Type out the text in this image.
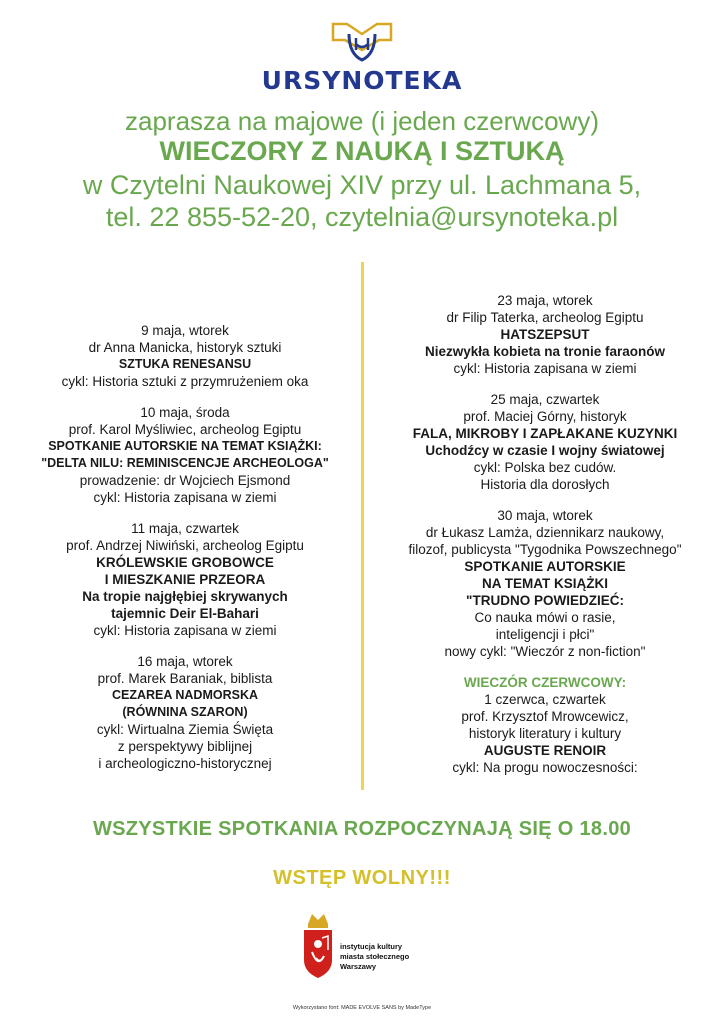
URSYNOTEKA
zaprasza na majowe (i jeden czerwcowy)
WIECZORY Z NAUKĄ I SZTUKĄ
w Czytelni Naukowej XIV przy ul. Lachmana 5,
tel. 22 855-52-20, czytelnia@ursynoteka.pl
9 maja, wtorek
dr Anna Manicka, historyk sztuki
SZTUKA RENESANSU
cykl: Historia sztuki z przymrużeniem oka
10 maja, środa
prof. Karol Myśliwiec, archeolog Egiptu
SPOTKANIE AUTORSKIE NA TEMAT KSIĄŻKI:
"DELTA NILU: REMINISCENCJE ARCHEOLOGA"
prowadzenie: dr Wojciech Ejsmond
cykl: Historia zapisana w ziemi
11 maja, czwartek
prof. Andrzej Niwiński, archeolog Egiptu
KRÓLEWSKIE GROBOWCE
I MIESZKANIE PRZEORA
Na tropie najgłębiej skrywanych
tajemnic Deir El-Bahari
cykl: Historia zapisana w ziemi
16 maja, wtorek
prof. Marek Baraniak, biblista
CEZAREA NADMORSKA
(RÓWNINA SZARON)
cykl: Wirtualna Ziemia Święta
z perspektywy biblijnej
i archeologiczno-historycznej
23 maja, wtorek
dr Filip Taterka, archeolog Egiptu
HATSZEPSUT
Niezwykła kobieta na tronie faraonów
cykl: Historia zapisana w ziemi
25 maja, czwartek
prof. Maciej Górny, historyk
FALA, MIKROBY I ZAPŁAKANE KUZYNKI
Uchodźcy w czasie I wojny światowej
cykl: Polska bez cudów.
Historia dla dorosłych
30 maja, wtorek
dr Łukasz Lamża, dziennikarz naukowy,
filozof, publicysta "Tygodnika Powszechnego"
SPOTKANIE AUTORSKIE
NA TEMAT KSIĄŻKI
"TRUDNO POWIEDZIEĆ:
Co nauka mówi o rasie,
inteligencji i płci"
nowy cykl: "Wieczór z non-fiction"
WIECZÓR CZERWCOWY:
1 czerwca, czwartek
prof. Krzysztof Mrowcewicz,
historyk literatury i kultury
AUGUSTE RENOIR
cykl: Na progu nowoczesności:
WSZYSTKIE SPOTKANIA ROZPOCZYNAJĄ SIĘ O 18.00
WSTĘP WOLNY!!!
instytucja kultury
miasta stołecznego
Warszawy
Wykorzystano font: MADE EVOLVE SANS by MadeType
